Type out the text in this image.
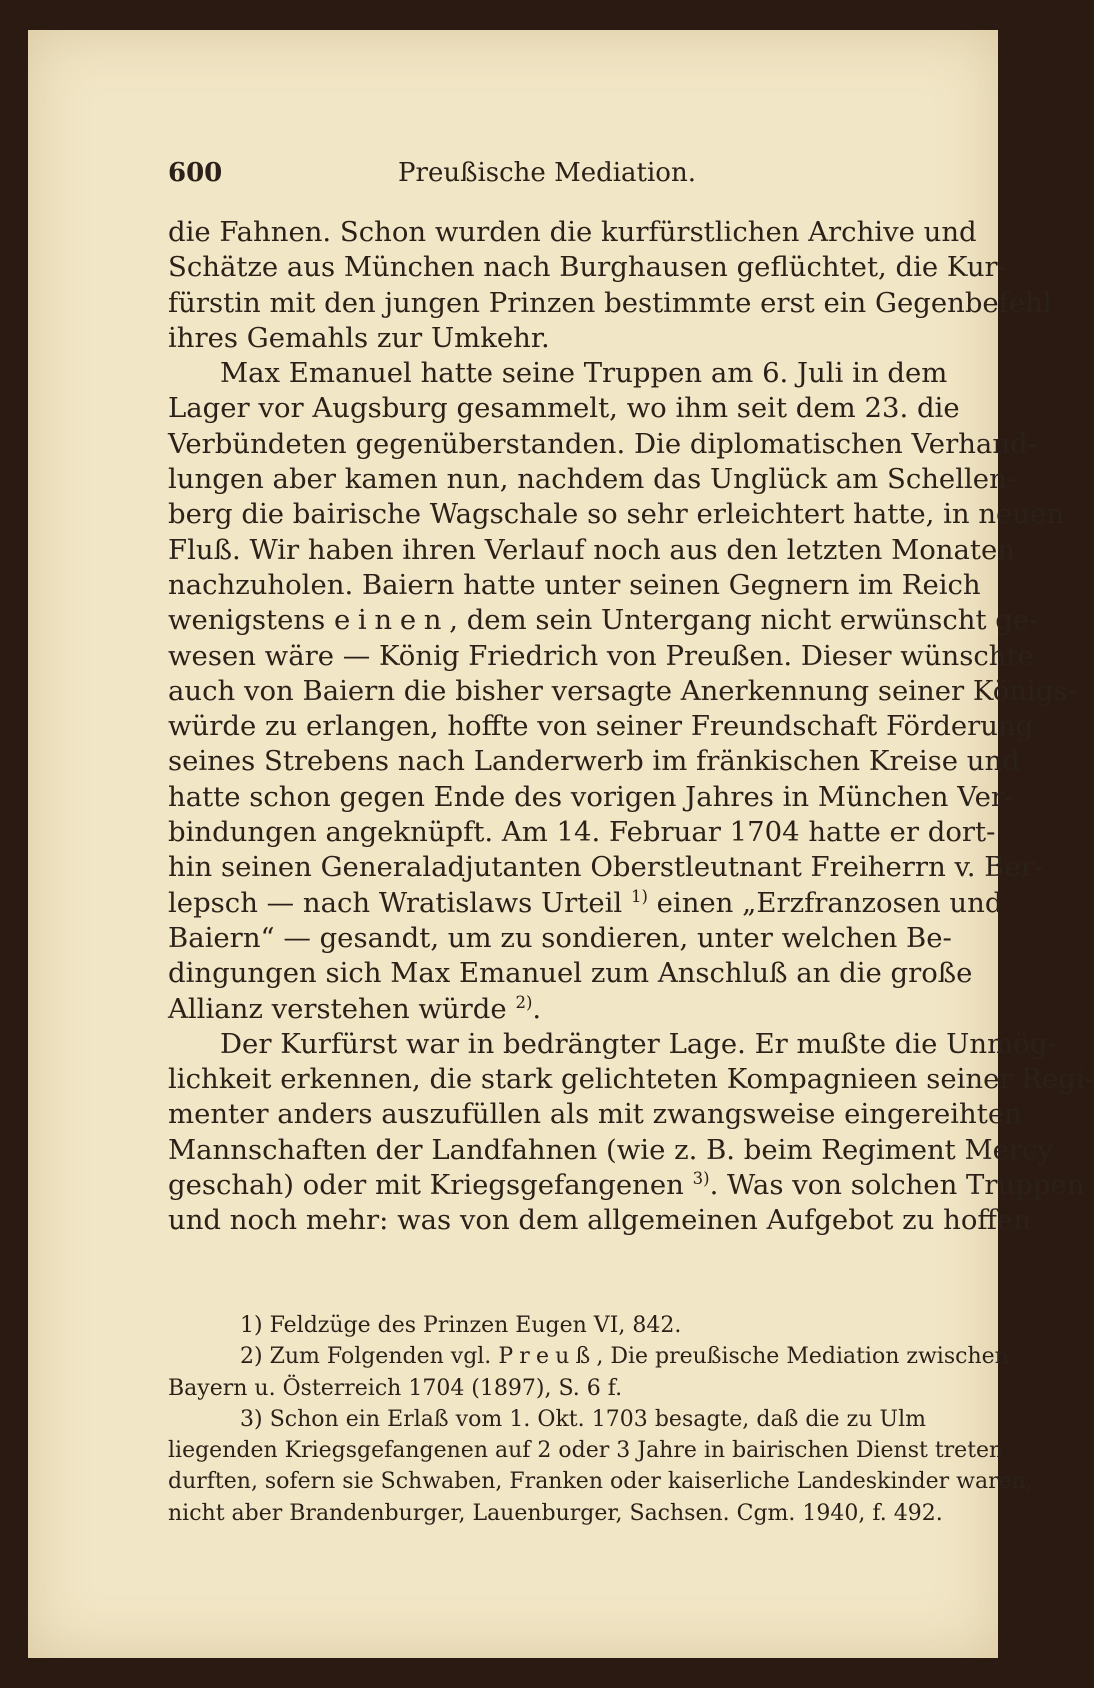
600	Preußische Mediation.
die Fahnen. Schon wurden die kurfürstlichen Archive und
Schätze aus München nach Burghausen geflüchtet, die Kur-
fürstin mit den jungen Prinzen bestimmte erst ein Gegenbefehl
ihres Gemahls zur Umkehr.
Max Emanuel hatte seine Truppen am 6. Juli in dem
Lager vor Augsburg gesammelt, wo ihm seit dem 23. die
Verbündeten gegenüberstanden. Die diplomatischen Verhand-
lungen aber kamen nun, nachdem das Unglück am Schellen-
berg die bairische Wagschale so sehr erleichtert hatte, in neuen
Fluß. Wir haben ihren Verlauf noch aus den letzten Monaten
nachzuholen. Baiern hatte unter seinen Gegnern im Reich
wenigstens einen, dem sein Untergang nicht erwünscht ge-
wesen wäre — König Friedrich von Preußen. Dieser wünschte
auch von Baiern die bisher versagte Anerkennung seiner Königs-
würde zu erlangen, hoffte von seiner Freundschaft Förderung
seines Strebens nach Landerwerb im fränkischen Kreise und
hatte schon gegen Ende des vorigen Jahres in München Ver-
bindungen angeknüpft. Am 14. Februar 1704 hatte er dort-
hin seinen Generaladjutanten Oberstleutnant Freiherrn v. Ber-
lepsch — nach Wratislaws Urteil $^{1)}$ einen „Erzfranzosen und
Baiern“ — gesandt, um zu sondieren, unter welchen Be-
dingungen sich Max Emanuel zum Anschluß an die große
Allianz verstehen würde $^{2)}$.
Der Kurfürst war in bedrängter Lage. Er mußte die Unmög-
lichkeit erkennen, die stark gelichteten Kompagnieen seiner Regi-
menter anders auszufüllen als mit zwangsweise eingereihten
Mannschaften der Landfahnen (wie z. B. beim Regiment Mercy
geschah) oder mit Kriegsgefangenen $^{3)}$. Was von solchen Truppen
und noch mehr: was von dem allgemeinen Aufgebot zu hoffen
1) Feldzüge des Prinzen Eugen VI, 842.
2) Zum Folgenden vgl. Preuß, Die preußische Mediation zwischen
Bayern u. Österreich 1704 (1897), S. 6 f.
3) Schon ein Erlaß vom 1. Okt. 1703 besagte, daß die zu Ulm
liegenden Kriegsgefangenen auf 2 oder 3 Jahre in bairischen Dienst treten
durften, sofern sie Schwaben, Franken oder kaiserliche Landeskinder waren,
nicht aber Brandenburger, Lauenburger, Sachsen. Cgm. 1940, f. 492.
